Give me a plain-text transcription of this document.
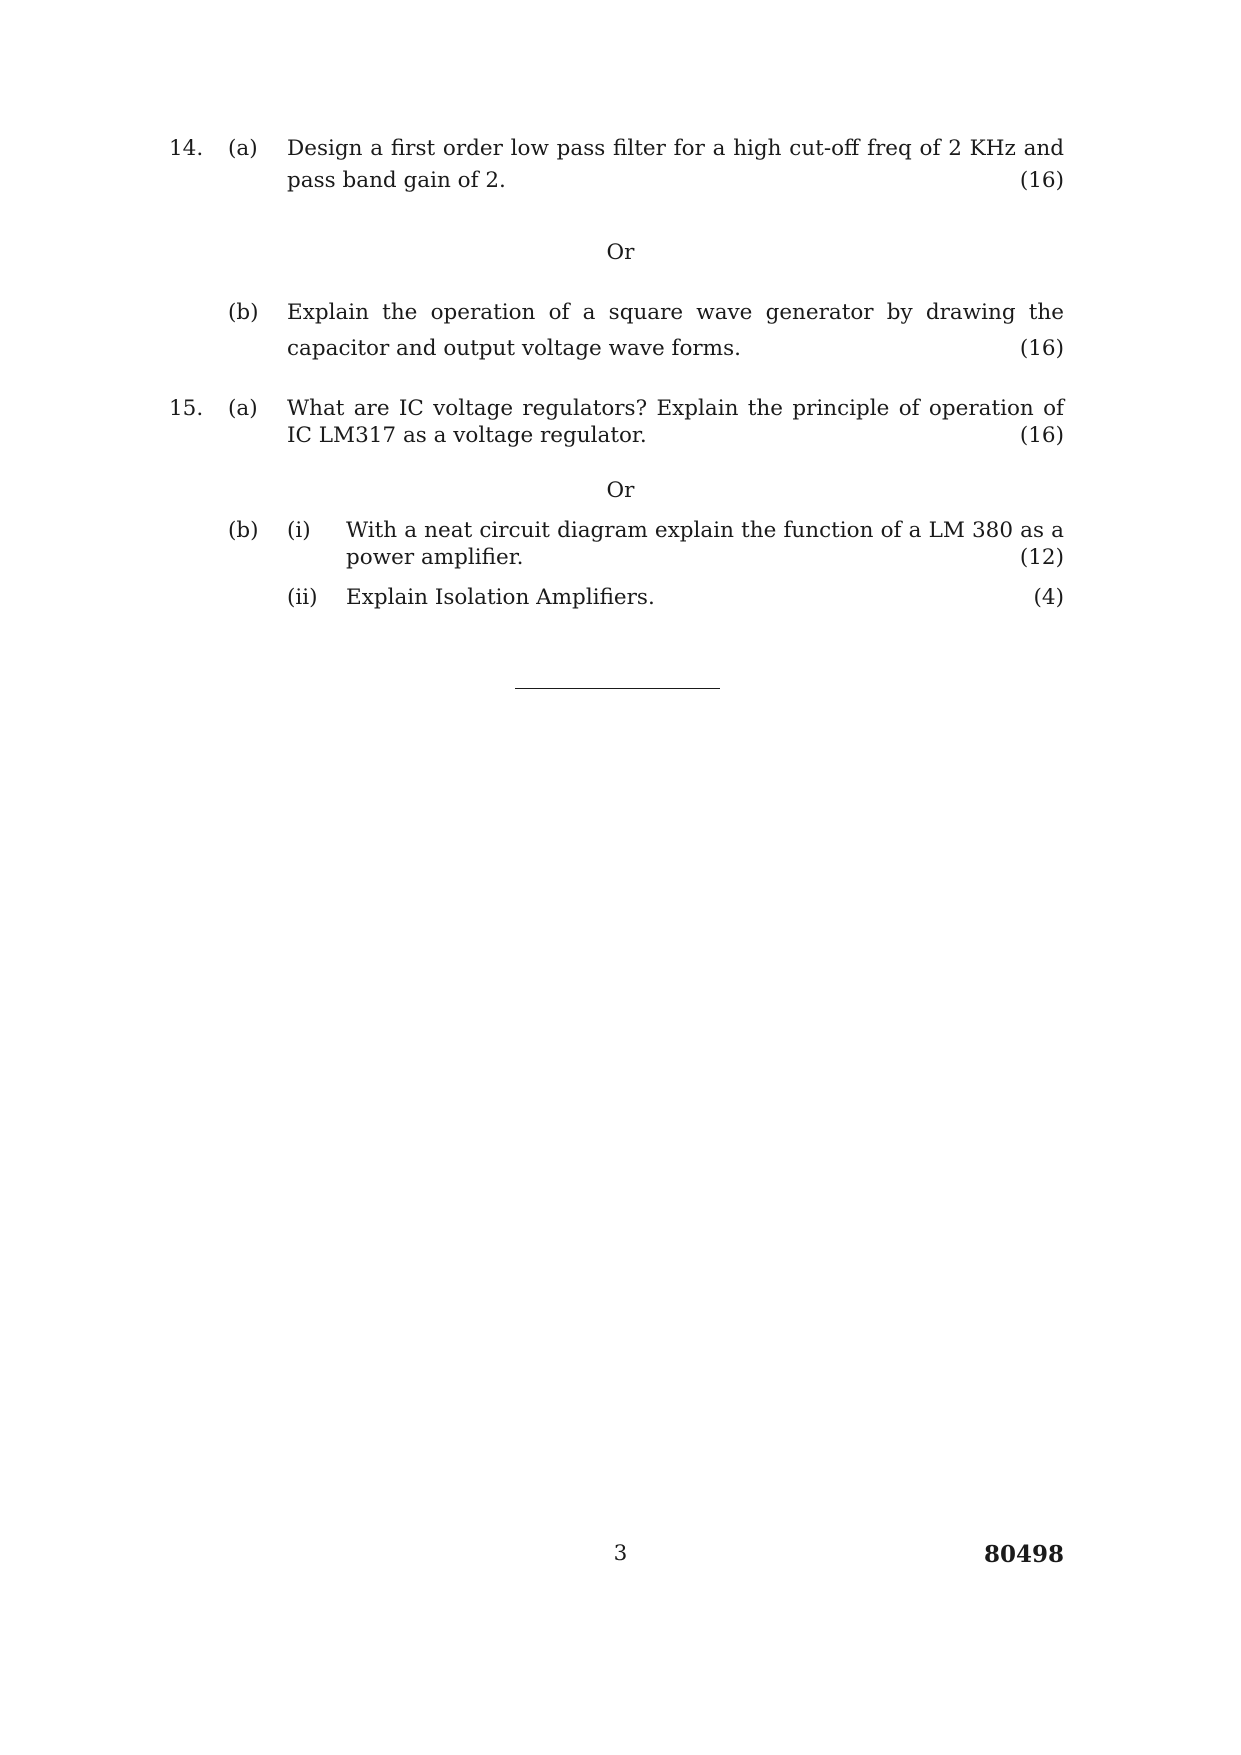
14. (a) Design a first order low pass filter for a high cut-off freq of 2 KHz and
pass band gain of 2.	(16)
Or
(b) Explain the operation of a square wave generator by drawing the
capacitor and output voltage wave forms.	(16)
15. (a) What are IC voltage regulators? Explain the principle of operation of
IC LM317 as a voltage regulator.	(16)
Or
(b) (i) With a neat circuit diagram explain the function of a LM 380 as a
power amplifier.	(12)
(ii) Explain Isolation Amplifiers.	(4)
3	80498
